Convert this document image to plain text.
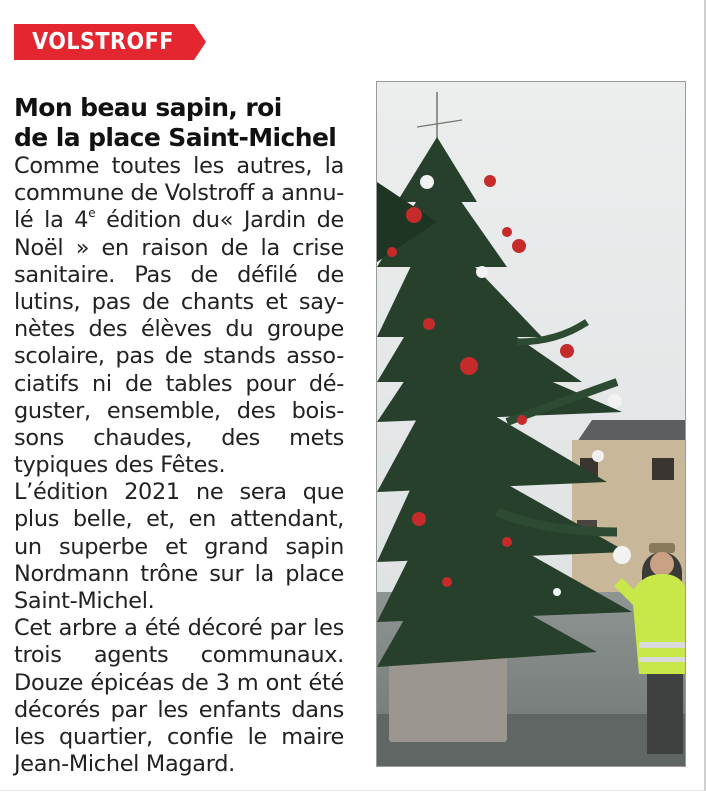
VOLSTROFF
Mon beau sapin, roi
de la place Saint-Michel
Comme toutes les autres, la
commune de Volstroff a annu-
lé la 4e édition du« Jardin de
Noël » en raison de la crise
sanitaire. Pas de défilé de
lutins, pas de chants et say-
nètes des élèves du groupe
scolaire, pas de stands asso-
ciatifs ni de tables pour dé-
guster, ensemble, des bois-
sons chaudes, des mets
typiques des Fêtes.
L’édition 2021 ne sera que
plus belle, et, en attendant,
un superbe et grand sapin
Nordmann trône sur la place
Saint-Michel.
Cet arbre a été décoré par les
trois agents communaux.
Douze épicéas de 3 m ont été
décorés par les enfants dans
les quartier, confie le maire
Jean-Michel Magard.
